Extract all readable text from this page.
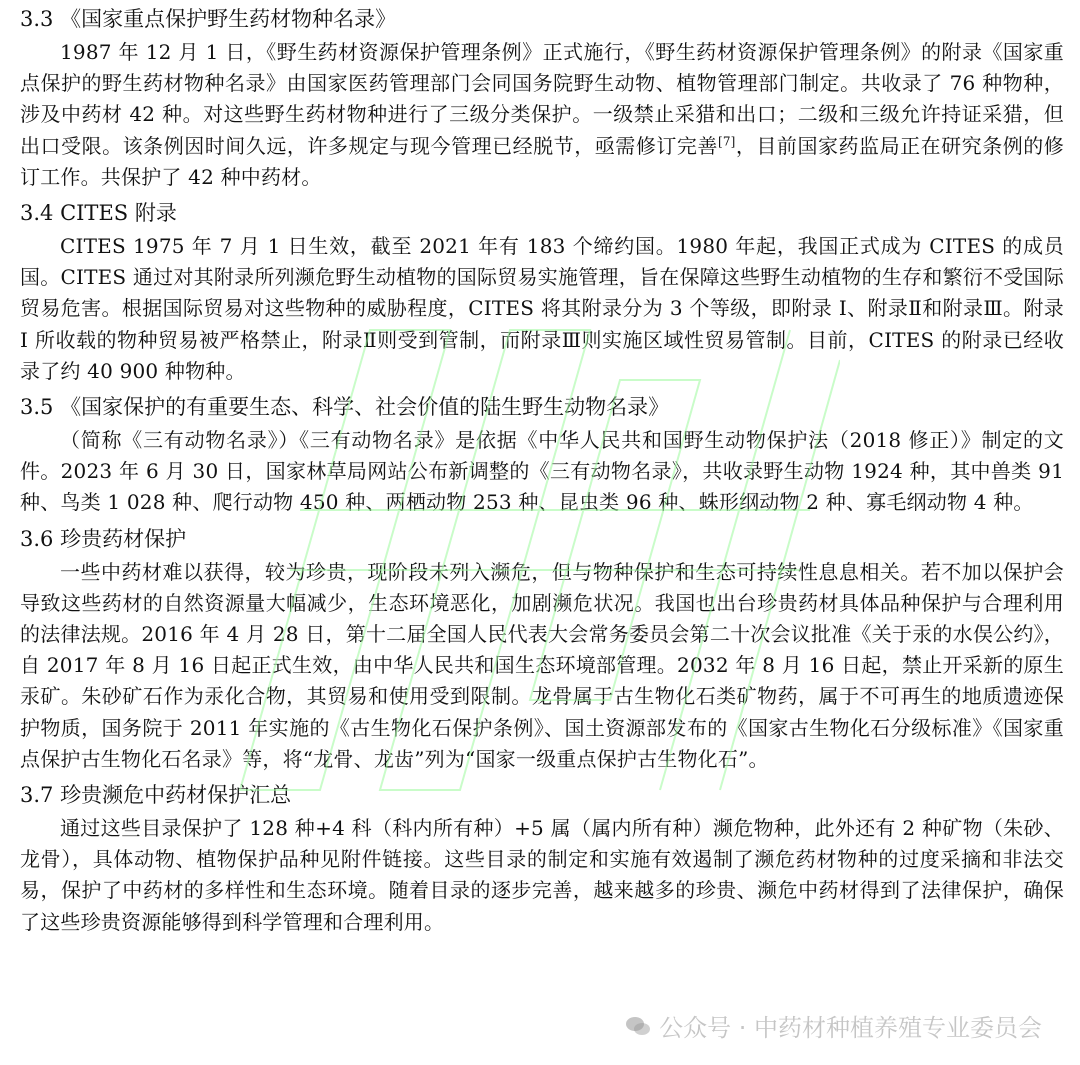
3.3 《国家重点保护野生药材物种名录》

1987 年 12 月 1 日，《野生药材资源保护管理条例》正式施行，《野生药材资源保护管理条例》的附录《国家重点保护的野生药材物种名录》由国家医药管理部门会同国务院野生动物、植物管理部门制定。共收录了 76 种物种，涉及中药材 42 种。对这些野生药材物种进行了三级分类保护。一级禁止采猎和出口；二级和三级允许持证采猎，但出口受限。该条例因时间久远，许多规定与现今管理已经脱节，亟需修订完善[7]，目前国家药监局正在研究条例的修订工作。共保护了 42 种中药材。

3.4 CITES 附录

CITES 1975 年 7 月 1 日生效，截至 2021 年有 183 个缔约国。1980 年起，我国正式成为 CITES 的成员国。CITES 通过对其附录所列濒危野生动植物的国际贸易实施管理，旨在保障这些野生动植物的生存和繁衍不受国际贸易危害。根据国际贸易对这些物种的威胁程度，CITES 将其附录分为 3 个等级，即附录 I、附录Ⅱ和附录Ⅲ。附录 I 所收载的物种贸易被严格禁止，附录Ⅱ则受到管制，而附录Ⅲ则实施区域性贸易管制。目前，CITES 的附录已经收录了约 40 900 种物种。

3.5 《国家保护的有重要生态、科学、社会价值的陆生野生动物名录》

（简称《三有动物名录》）《三有动物名录》是依据《中华人民共和国野生动物保护法（2018 修正）》制定的文件。2023 年 6 月 30 日，国家林草局网站公布新调整的《三有动物名录》，共收录野生动物 1924 种，其中兽类 91 种、鸟类 1 028 种、爬行动物 450 种、两栖动物 253 种、昆虫类 96 种、蛛形纲动物 2 种、寡毛纲动物 4 种。

3.6 珍贵药材保护

一些中药材难以获得，较为珍贵，现阶段未列入濒危，但与物种保护和生态可持续性息息相关。若不加以保护会导致这些药材的自然资源量大幅减少，生态环境恶化，加剧濒危状况。我国也出台珍贵药材具体品种保护与合理利用的法律法规。2016 年 4 月 28 日，第十二届全国人民代表大会常务委员会第二十次会议批准《关于汞的水俣公约》，自 2017 年 8 月 16 日起正式生效，由中华人民共和国生态环境部管理。2032 年 8 月 16 日起，禁止开采新的原生汞矿。朱砂矿石作为汞化合物，其贸易和使用受到限制。龙骨属于古生物化石类矿物药，属于不可再生的地质遗迹保护物质，国务院于 2011 年实施的《古生物化石保护条例》、国土资源部发布的《国家古生物化石分级标准》《国家重点保护古生物化石名录》等，将“龙骨、龙齿”列为“国家一级重点保护古生物化石”。

3.7 珍贵濒危中药材保护汇总

通过这些目录保护了 128 种+4 科（科内所有种）+5 属（属内所有种）濒危物种，此外还有 2 种矿物（朱砂、龙骨），具体动物、植物保护品种见附件链接。这些目录的制定和实施有效遏制了濒危药材物种的过度采摘和非法交易，保护了中药材的多样性和生态环境。随着目录的逐步完善，越来越多的珍贵、濒危中药材得到了法律保护，确保了这些珍贵资源能够得到科学管理和合理利用。

公众号 · 中药材种植养殖专业委员会
